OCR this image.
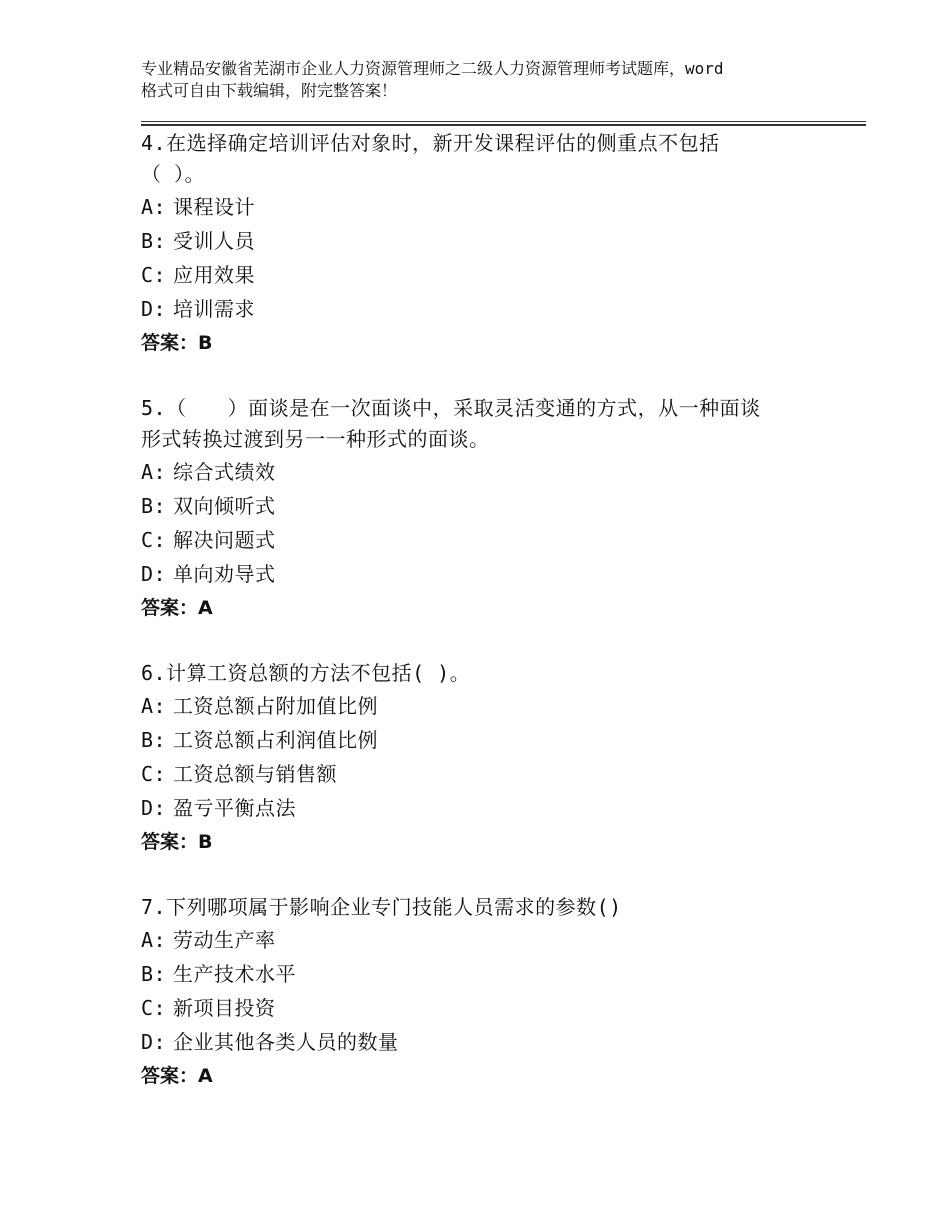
专业精品安徽省芜湖市企业人力资源管理师之二级人力资源管理师考试题库，word
格式可自由下载编辑，附完整答案！

4.在选择确定培训评估对象时，新开发课程评估的侧重点不包括

（ ）。

A: 课程设计

B: 受训人员

C: 应用效果

D: 培训需求

答案：B

5.（　　）面谈是在一次面谈中，采取灵活变通的方式，从一种面谈

形式转换过渡到另一一种形式的面谈。

A: 综合式绩效

B: 双向倾听式

C: 解决问题式

D: 单向劝导式

答案：A

6.计算工资总额的方法不包括( )。

A: 工资总额占附加值比例

B: 工资总额占利润值比例

C: 工资总额与销售额

D: 盈亏平衡点法

答案：B

7.下列哪项属于影响企业专门技能人员需求的参数()

A: 劳动生产率

B: 生产技术水平

C: 新项目投资

D: 企业其他各类人员的数量

答案：A
